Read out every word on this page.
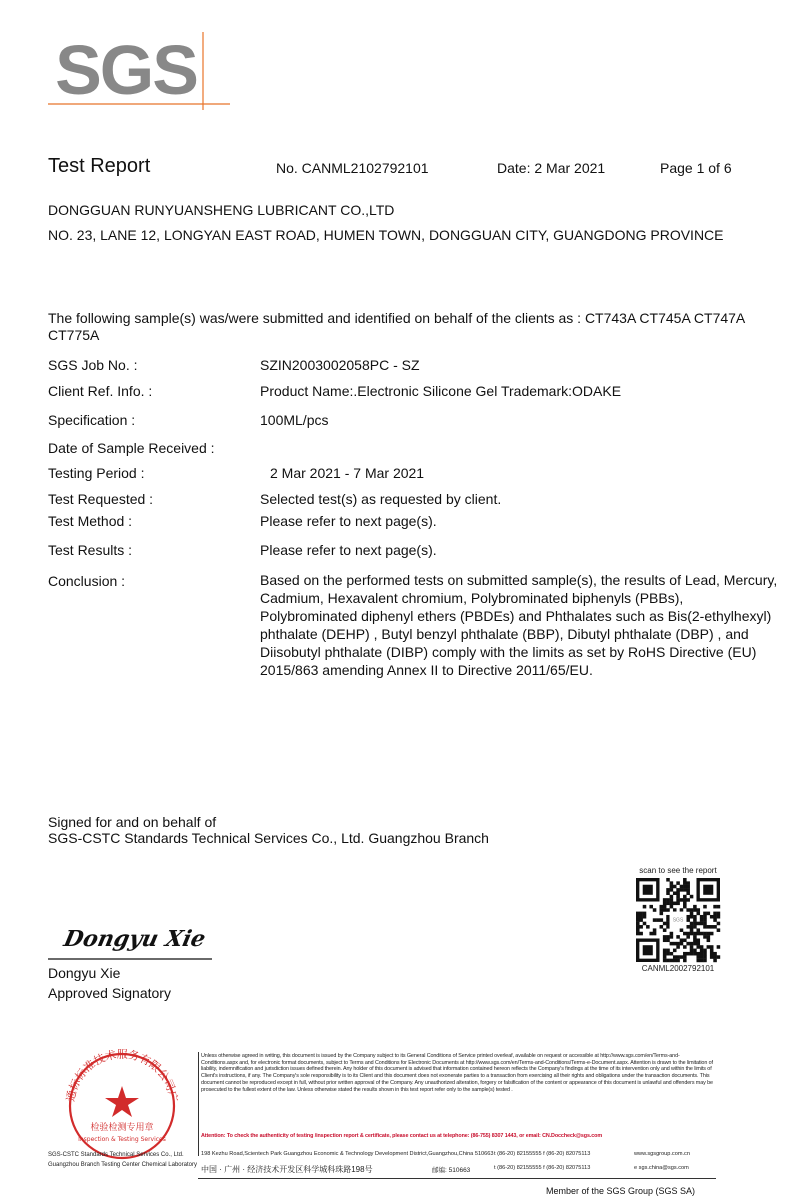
SGS
Test Report	No. CANML2102792101	Date: 2 Mar 2021	Page 1 of 6
DONGGUAN RUNYUANSHENG LUBRICANT CO.,LTD
NO. 23, LANE 12, LONGYAN EAST ROAD, HUMEN TOWN, DONGGUAN CITY, GUANGDONG PROVINCE
The following sample(s) was/were submitted and identified on behalf of the clients as : CT743A CT745A CT747A CT775A
SGS Job No. :	SZIN2003002058PC - SZ
Client Ref. Info. :	Product Name:.Electronic Silicone Gel Trademark:ODAKE
Specification :	100ML/pcs
Date of Sample Received :
Testing Period :	2 Mar 2021 - 7 Mar 2021
Test Requested :	Selected test(s) as requested by client.
Test Method :	Please refer to next page(s).
Test Results :	Please refer to next page(s).
Conclusion :	Based on the performed tests on submitted sample(s), the results of Lead, Mercury, Cadmium, Hexavalent chromium, Polybrominated biphenyls (PBBs), Polybrominated diphenyl ethers (PBDEs) and Phthalates such as Bis(2-ethylhexyl) phthalate (DEHP) , Butyl benzyl phthalate (BBP), Dibutyl phthalate (DBP) , and Diisobutyl phthalate (DIBP) comply with the limits as set by RoHS Directive (EU) 2015/863 amending Annex II to Directive 2011/65/EU.
Signed for and on behalf of
SGS-CSTC Standards Technical Services Co., Ltd. Guangzhou Branch
scan to see the report
SGS
CANML2002792101
Dongyu Xie
Dongyu Xie
Approved Signatory
通标标准技术服务有限公司广
检验检测专用章
Inspection & Testing Services
SGS-CSTC Standards Technical Services Co., Ltd.
Guangzhou Branch Testing Center Chemical Laboratory
Unless otherwise agreed in writing, this document is issued by the Company subject to its General Conditions of Service printed overleaf, available on request or accessible at http://www.sgs.com/en/Terms-and-Conditions.aspx and, for electronic format documents, subject to Terms and Conditions for Electronic Documents at http://www.sgs.com/en/Terms-and-Conditions/Terms-e-Document.aspx. Attention is drawn to the limitation of liability, indemnification and jurisdiction issues defined therein. Any holder of this document is advised that information contained hereon reflects the Company's findings at the time of its intervention only and within the limits of Client's instructions, if any. The Company's sole responsibility is to its Client and this document does not exonerate parties to a transaction from exercising all their rights and obligations under the transaction documents. This document cannot be reproduced except in full, without prior written approval of the Company. Any unauthorized alteration, forgery or falsification of the content or appearance of this document is unlawful and offenders may be prosecuted to the fullest extent of the law. Unless otherwise stated the results shown in this test report refer only to the sample(s) tested .
Attention: To check the authenticity of testing /inspection report & certificate, please contact us at telephone: (86-755) 8307 1443, or email: CN.Doccheck@sgs.com
198 Kezhu Road,Scientech Park Guangzhou Economic & Technology Development District,Guangzhou,China 510663 t (86-20) 82155555 f (86-20) 82075113	www.sgsgroup.com.cn
中国 · 广州 · 经济技术开发区科学城科珠路198号	邮编: 510663	t (86-20) 82155555 f (86-20) 82075113	e sgs.china@sgs.com
Member of the SGS Group (SGS SA)
